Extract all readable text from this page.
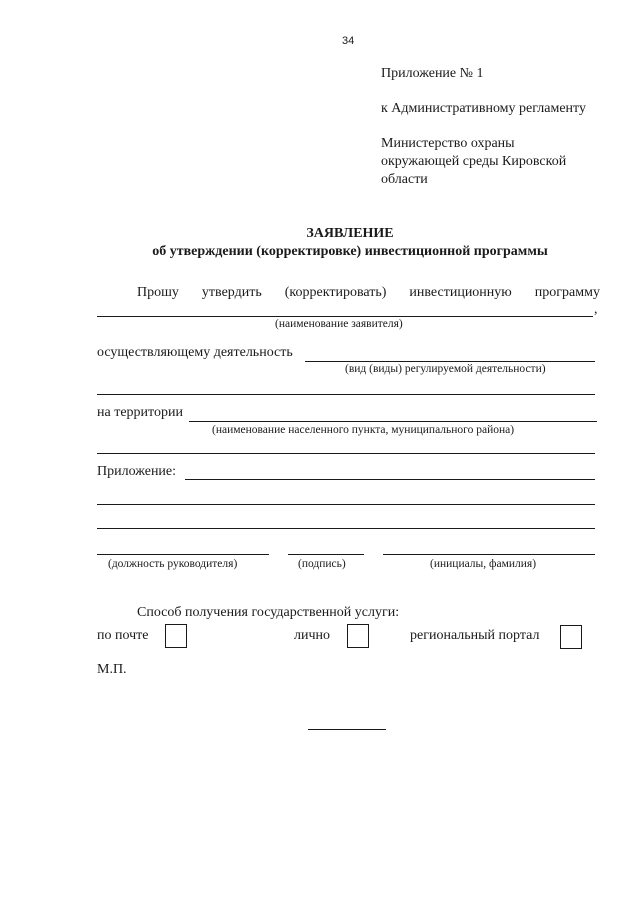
34
Приложение № 1
к Административному регламенту
Министерство охраны
окружающей среды Кировской
области
ЗАЯВЛЕНИЕ
об утверждении (корректировке) инвестиционной программы
Прошу утвердить (корректировать) инвестиционную программу
,
(наименование заявителя)
осуществляющему деятельность
(вид (виды) регулируемой деятельности)
на территории
(наименование населенного пункта, муниципального района)
Приложение:
(должность руководителя)	(подпись)	(инициалы, фамилия)
Способ получения государственной услуги:
по почте	лично	региональный портал
М.П.
